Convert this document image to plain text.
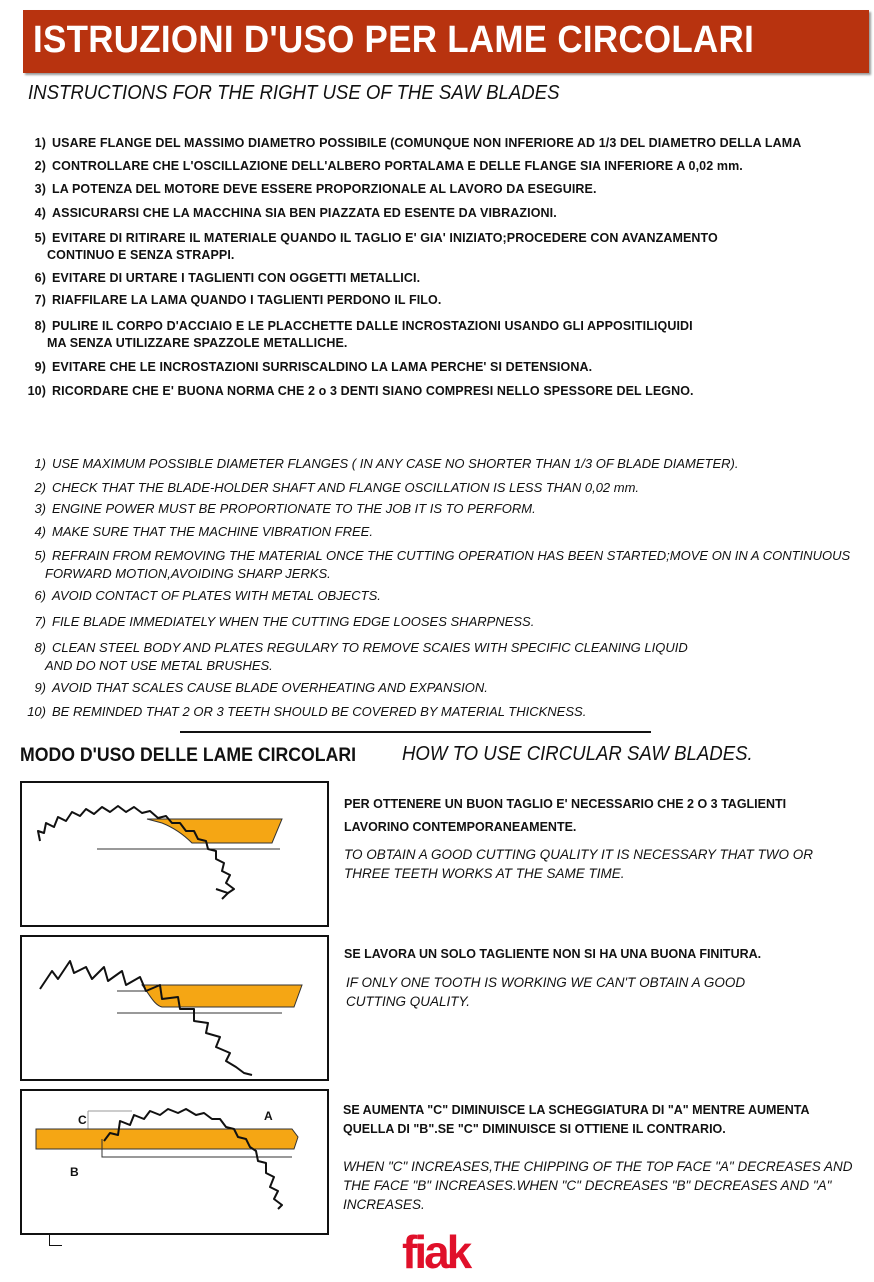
ISTRUZIONI D'USO PER LAME CIRCOLARI
INSTRUCTIONS FOR THE RIGHT USE OF THE SAW BLADES
1) USARE FLANGE DEL MASSIMO DIAMETRO POSSIBILE (COMUNQUE NON INFERIORE AD 1/3 DEL DIAMETRO DELLA LAMA
2) CONTROLLARE CHE L'OSCILLAZIONE DELL'ALBERO PORTALAMA E DELLE FLANGE SIA INFERIORE A 0,02 mm.
3) LA POTENZA DEL MOTORE DEVE ESSERE PROPORZIONALE AL LAVORO DA ESEGUIRE.
4) ASSICURARSI CHE LA MACCHINA SIA BEN PIAZZATA ED ESENTE DA VIBRAZIONI.
5) EVITARE DI RITIRARE IL MATERIALE QUANDO IL TAGLIO E' GIA' INIZIATO;PROCEDERE CON AVANZAMENTO
CONTINUO E SENZA STRAPPI.
6) EVITARE DI URTARE I TAGLIENTI CON OGGETTI METALLICI.
7) RIAFFILARE LA LAMA QUANDO I TAGLIENTI PERDONO IL FILO.
8) PULIRE IL CORPO D'ACCIAIO E LE PLACCHETTE DALLE INCROSTAZIONI USANDO GLI APPOSITILIQUIDI
MA SENZA UTILIZZARE SPAZZOLE METALLICHE.
9) EVITARE CHE LE INCROSTAZIONI SURRISCALDINO LA LAMA PERCHE' SI DETENSIONA.
10) RICORDARE CHE E' BUONA NORMA CHE 2 o 3 DENTI SIANO COMPRESI NELLO SPESSORE DEL LEGNO.
1) USE MAXIMUM POSSIBLE DIAMETER FLANGES ( IN ANY CASE NO SHORTER THAN 1/3 OF BLADE DIAMETER).
2) CHECK THAT THE BLADE-HOLDER SHAFT AND FLANGE OSCILLATION IS LESS THAN 0,02 mm.
3) ENGINE POWER MUST BE PROPORTIONATE TO THE JOB IT IS TO PERFORM.
4) MAKE SURE THAT THE MACHINE VIBRATION FREE.
5) REFRAIN FROM REMOVING THE MATERIAL ONCE THE CUTTING OPERATION HAS BEEN STARTED;MOVE ON IN A CONTINUOUS
FORWARD MOTION,AVOIDING SHARP JERKS.
6) AVOID CONTACT OF PLATES WITH METAL OBJECTS.
7) FILE BLADE IMMEDIATELY WHEN THE CUTTING EDGE LOOSES SHARPNESS.
8) CLEAN STEEL BODY AND PLATES REGULARY TO REMOVE SCAIES WITH SPECIFIC CLEANING LIQUID
AND DO NOT USE METAL BRUSHES.
9) AVOID THAT SCALES CAUSE BLADE OVERHEATING AND EXPANSION.
10) BE REMINDED THAT 2 OR 3 TEETH SHOULD BE COVERED BY MATERIAL THICKNESS.
MODO D'USO DELLE LAME CIRCOLARI HOW TO USE CIRCULAR SAW BLADES.
PER OTTENERE UN BUON TAGLIO E' NECESSARIO CHE 2 O 3 TAGLIENTI LAVORINO CONTEMPORANEAMENTE.
TO OBTAIN A GOOD CUTTING QUALITY IT IS NECESSARY THAT TWO OR THREE TEETH WORKS AT THE SAME TIME.
SE LAVORA UN SOLO TAGLIENTE NON SI HA UNA BUONA FINITURA.
IF ONLY ONE TOOTH IS WORKING WE CAN'T OBTAIN A GOOD CUTTING QUALITY.
C	A
B
SE AUMENTA "C" DIMINUISCE LA SCHEGGIATURA DI "A" MENTRE AUMENTA QUELLA DI "B".SE "C" DIMINUISCE SI OTTIENE IL CONTRARIO.
WHEN "C" INCREASES,THE CHIPPING OF THE TOP FACE "A" DECREASES AND THE FACE "B" INCREASES.WHEN "C" DECREASES "B" DECREASES AND "A" INCREASES.
fiak
